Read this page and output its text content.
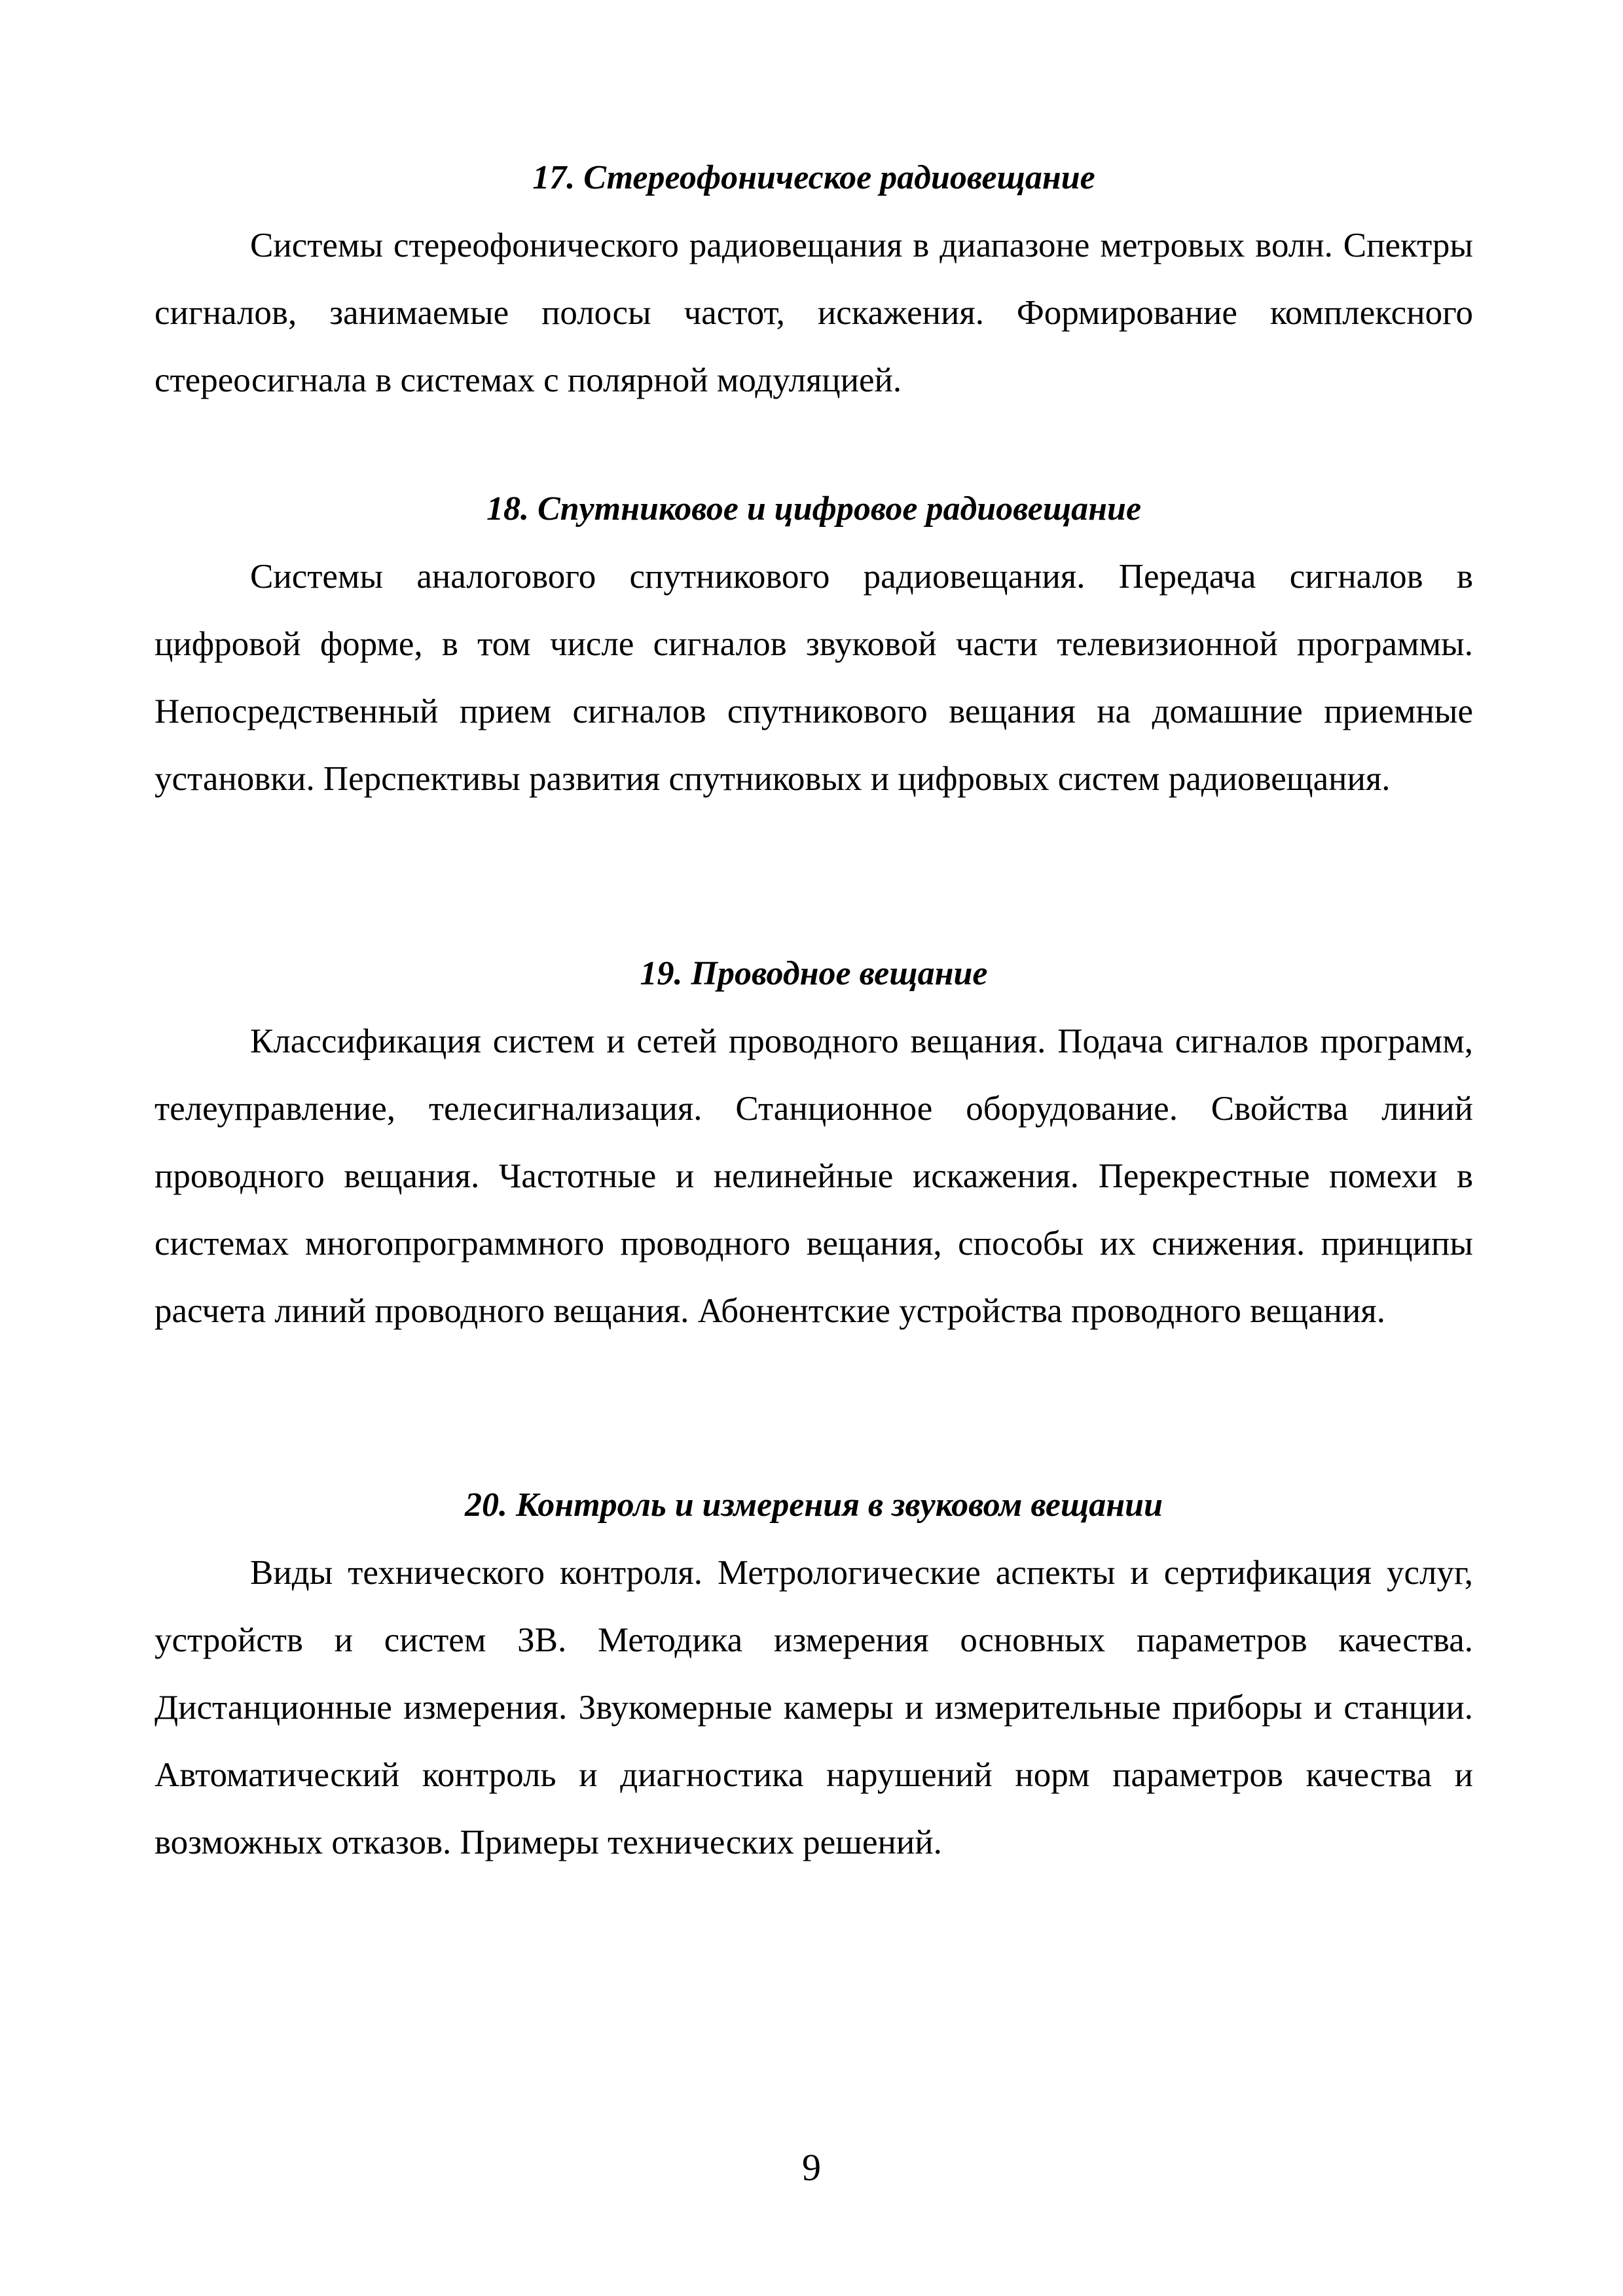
17. Стереофоническое радиовещание

Системы стереофонического радиовещания в диапазоне метровых волн. Спектры сигналов, занимаемые полосы частот, искажения. Формирование комплексного стереосигнала в системах с полярной модуляцией.

18. Спутниковое и цифровое радиовещание

Системы аналогового спутникового радиовещания. Передача сигналов в цифровой форме, в том числе сигналов звуковой части телевизионной программы. Непосредственный прием сигналов спутникового вещания на домашние приемные установки. Перспективы развития спутниковых и цифровых систем радиовещания.

19. Проводное вещание

Классификация систем и сетей проводного вещания. Подача сигналов программ, телеуправление, телесигнализация. Станционное оборудование. Свойства линий проводного вещания. Частотные и нелинейные искажения. Перекрестные помехи в системах многопрограммного проводного вещания, способы их снижения. принципы расчета линий проводного вещания. Абонентские устройства проводного вещания.

20. Контроль и измерения в звуковом вещании

Виды технического контроля. Метрологические аспекты и сертификация услуг, устройств и систем ЗВ. Методика измерения основных параметров качества. Дистанционные измерения. Звукомерные камеры и измерительные приборы и станции. Автоматический контроль и диагностика нарушений норм параметров качества и возможных отказов. Примеры технических решений.

9
